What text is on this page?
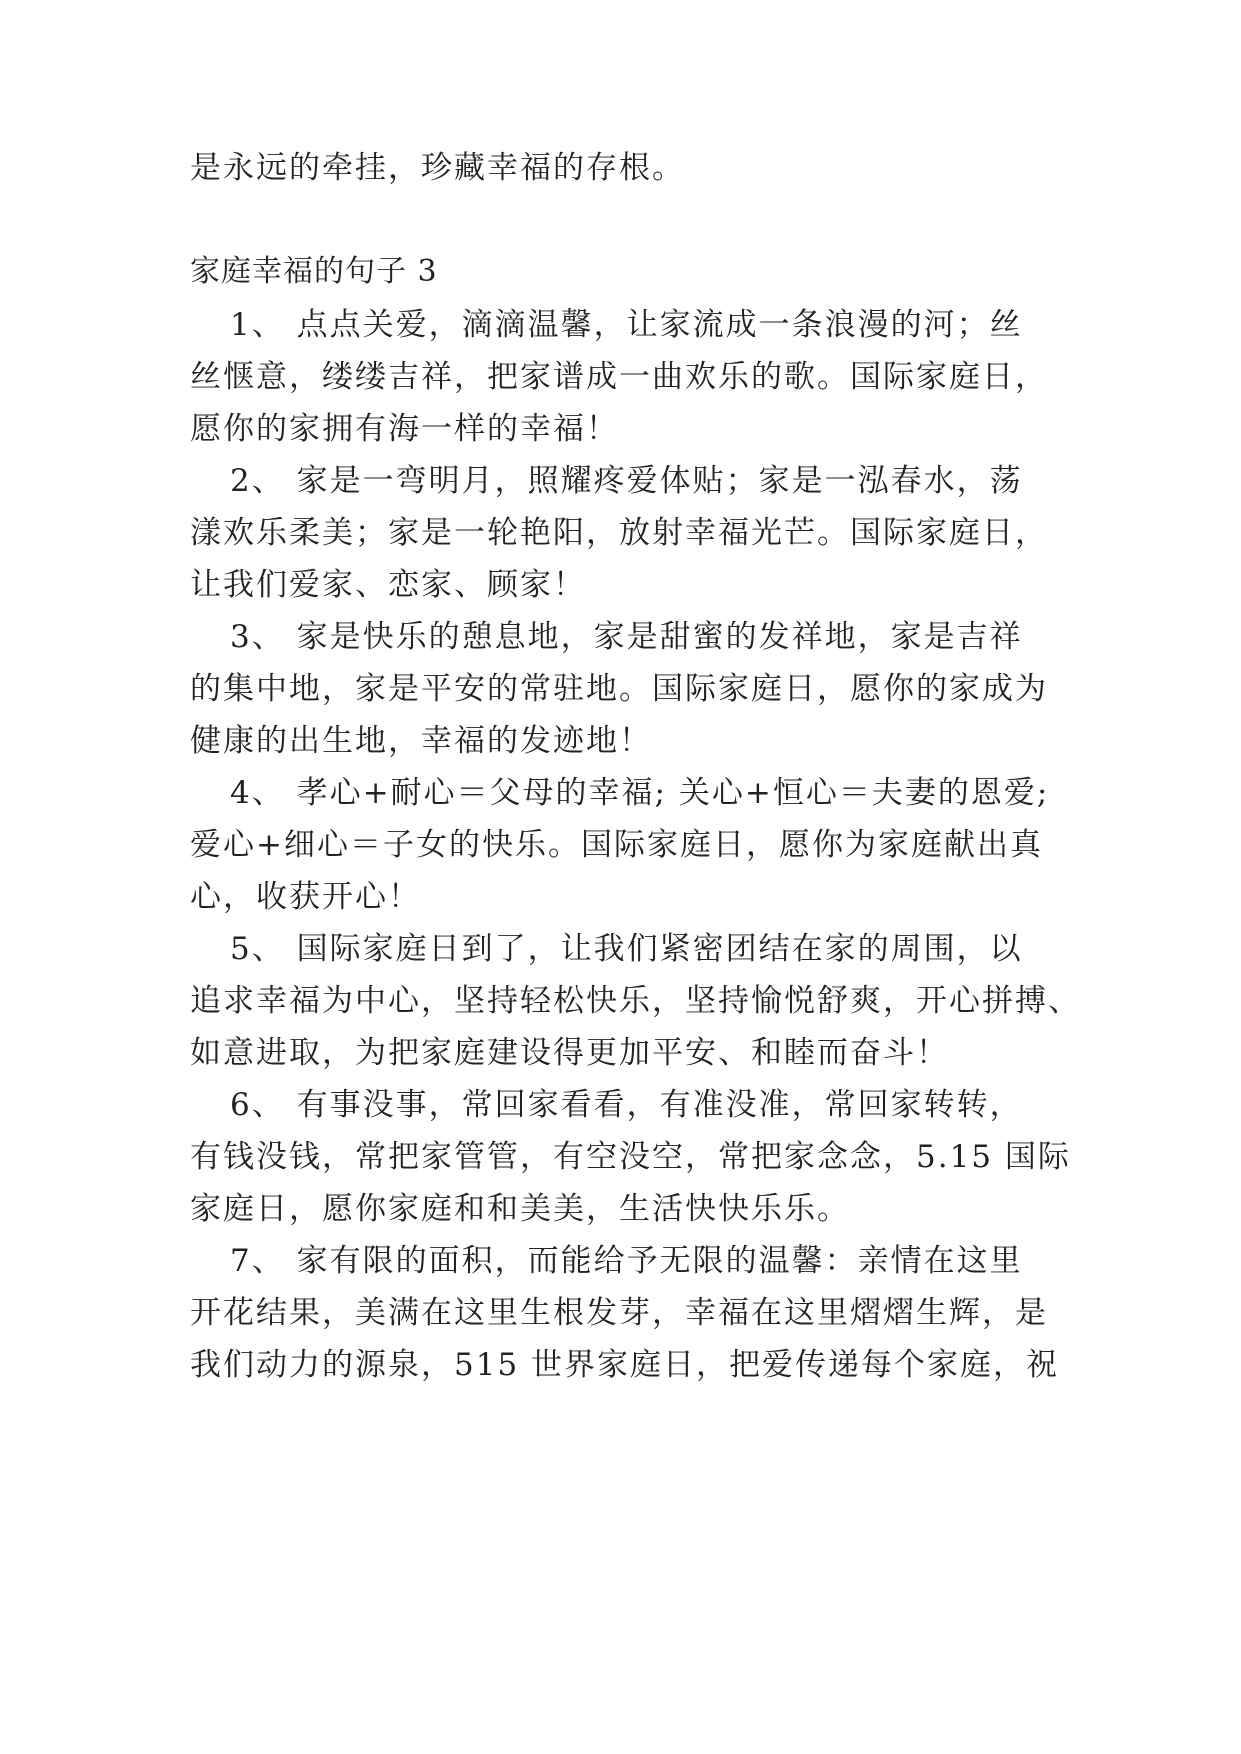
是永远的牵挂，珍藏幸福的存根。
家庭幸福的句子 3
1、 点点关爱，滴滴温馨，让家流成一条浪漫的河；丝
丝惬意，缕缕吉祥，把家谱成一曲欢乐的歌。国际家庭日，
愿你的家拥有海一样的幸福！
2、 家是一弯明月，照耀疼爱体贴；家是一泓春水，荡
漾欢乐柔美；家是一轮艳阳，放射幸福光芒。国际家庭日，
让我们爱家、恋家、顾家！
3、 家是快乐的憩息地，家是甜蜜的发祥地，家是吉祥
的集中地，家是平安的常驻地。国际家庭日，愿你的家成为
健康的出生地，幸福的发迹地！
4、 孝心+耐心＝父母的幸福; 关心+恒心＝夫妻的恩爱;
爱心+细心＝子女的快乐。国际家庭日，愿你为家庭献出真
心，收获开心！
5、 国际家庭日到了，让我们紧密团结在家的周围，以
追求幸福为中心，坚持轻松快乐，坚持愉悦舒爽，开心拼搏、
如意进取，为把家庭建设得更加平安、和睦而奋斗！
6、 有事没事，常回家看看，有准没准，常回家转转，
有钱没钱，常把家管管，有空没空，常把家念念，5.15 国际
家庭日，愿你家庭和和美美，生活快快乐乐。
7、 家有限的面积，而能给予无限的温馨：亲情在这里
开花结果，美满在这里生根发芽，幸福在这里熠熠生辉，是
我们动力的源泉，515 世界家庭日，把爱传递每个家庭，祝
